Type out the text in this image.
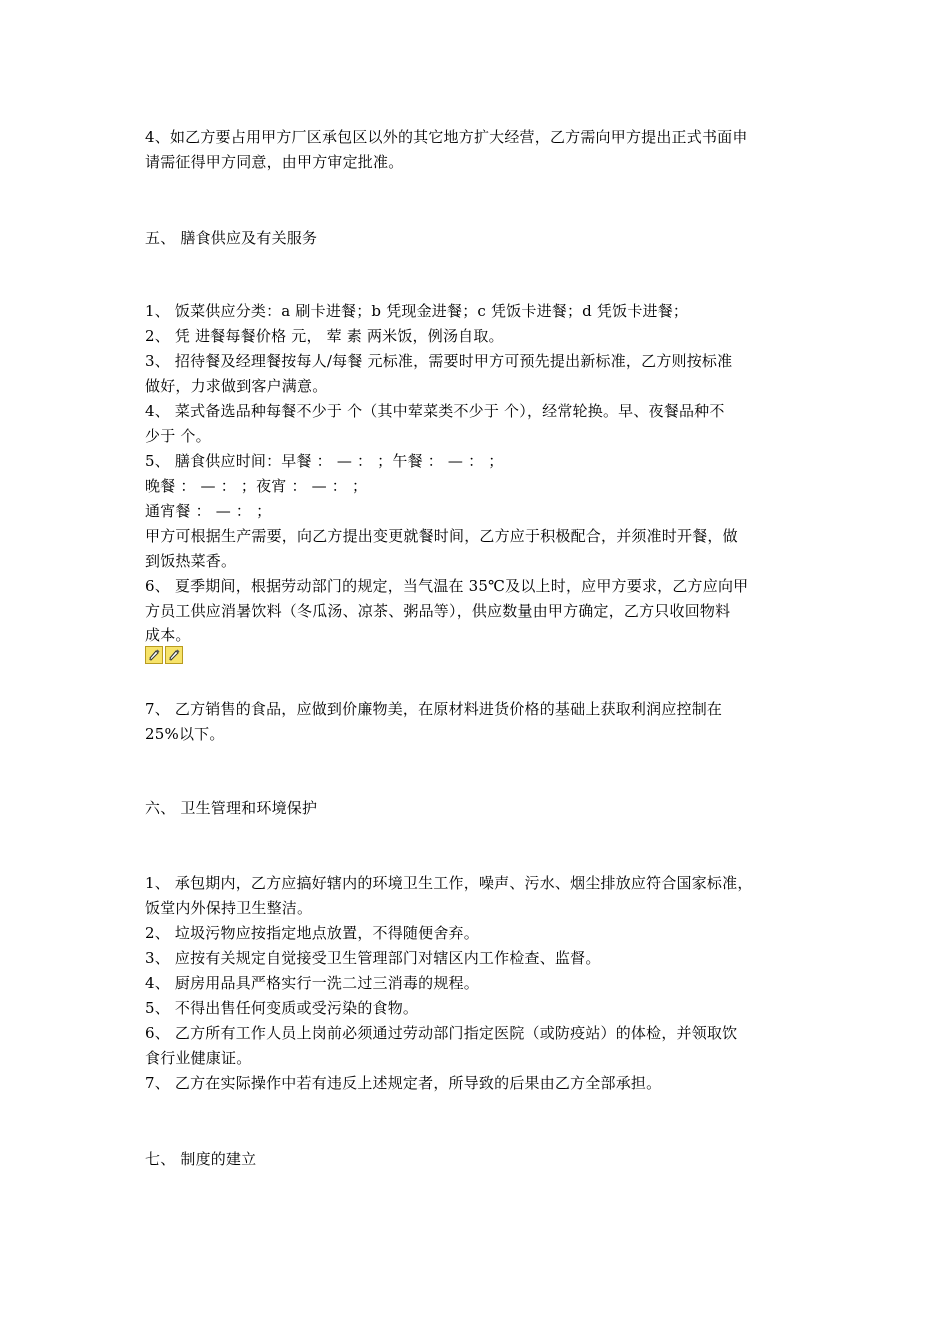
4、如乙方要占用甲方厂区承包区以外的其它地方扩大经营，乙方需向甲方提出正式书面申
请需征得甲方同意，由甲方审定批准。
五、 膳食供应及有关服务
1、 饭菜供应分类：a 刷卡进餐；b 凭现金进餐；c 凭饭卡进餐；d 凭饭卡进餐；
2、 凭 进餐每餐价格 元， 荤 素 两米饭，例汤自取。
3、 招待餐及经理餐按每人/每餐 元标准，需要时甲方可预先提出新标准，乙方则按标准
做好，力求做到客户满意。
4、 菜式备选品种每餐不少于 个（其中荤菜类不少于 个），经常轮换。早、夜餐品种不
少于 个。
5、 膳食供应时间：早餐 ： — ： ；午餐 ： — ： ；
晚餐 ： — ： ；夜宵 ： — ： ；
通宵餐 ： — ： ；
甲方可根据生产需要，向乙方提出变更就餐时间，乙方应于积极配合，并须准时开餐，做
到饭热菜香。
6、 夏季期间，根据劳动部门的规定，当气温在 35℃及以上时，应甲方要求，乙方应向甲
方员工供应消暑饮料（冬瓜汤、凉茶、粥品等），供应数量由甲方确定，乙方只收回物料
成本。
7、 乙方销售的食品，应做到价廉物美，在原材料进货价格的基础上获取利润应控制在
25%以下。
六、 卫生管理和环境保护
1、 承包期内，乙方应搞好辖内的环境卫生工作，噪声、污水、烟尘排放应符合国家标准，
饭堂内外保持卫生整洁。
2、 垃圾污物应按指定地点放置，不得随便舍弃。
3、 应按有关规定自觉接受卫生管理部门对辖区内工作检查、监督。
4、 厨房用品具严格实行一洗二过三消毒的规程。
5、 不得出售任何变质或受污染的食物。
6、 乙方所有工作人员上岗前必须通过劳动部门指定医院（或防疫站）的体检，并领取饮
食行业健康证。
7、 乙方在实际操作中若有违反上述规定者，所导致的后果由乙方全部承担。
七、 制度的建立
